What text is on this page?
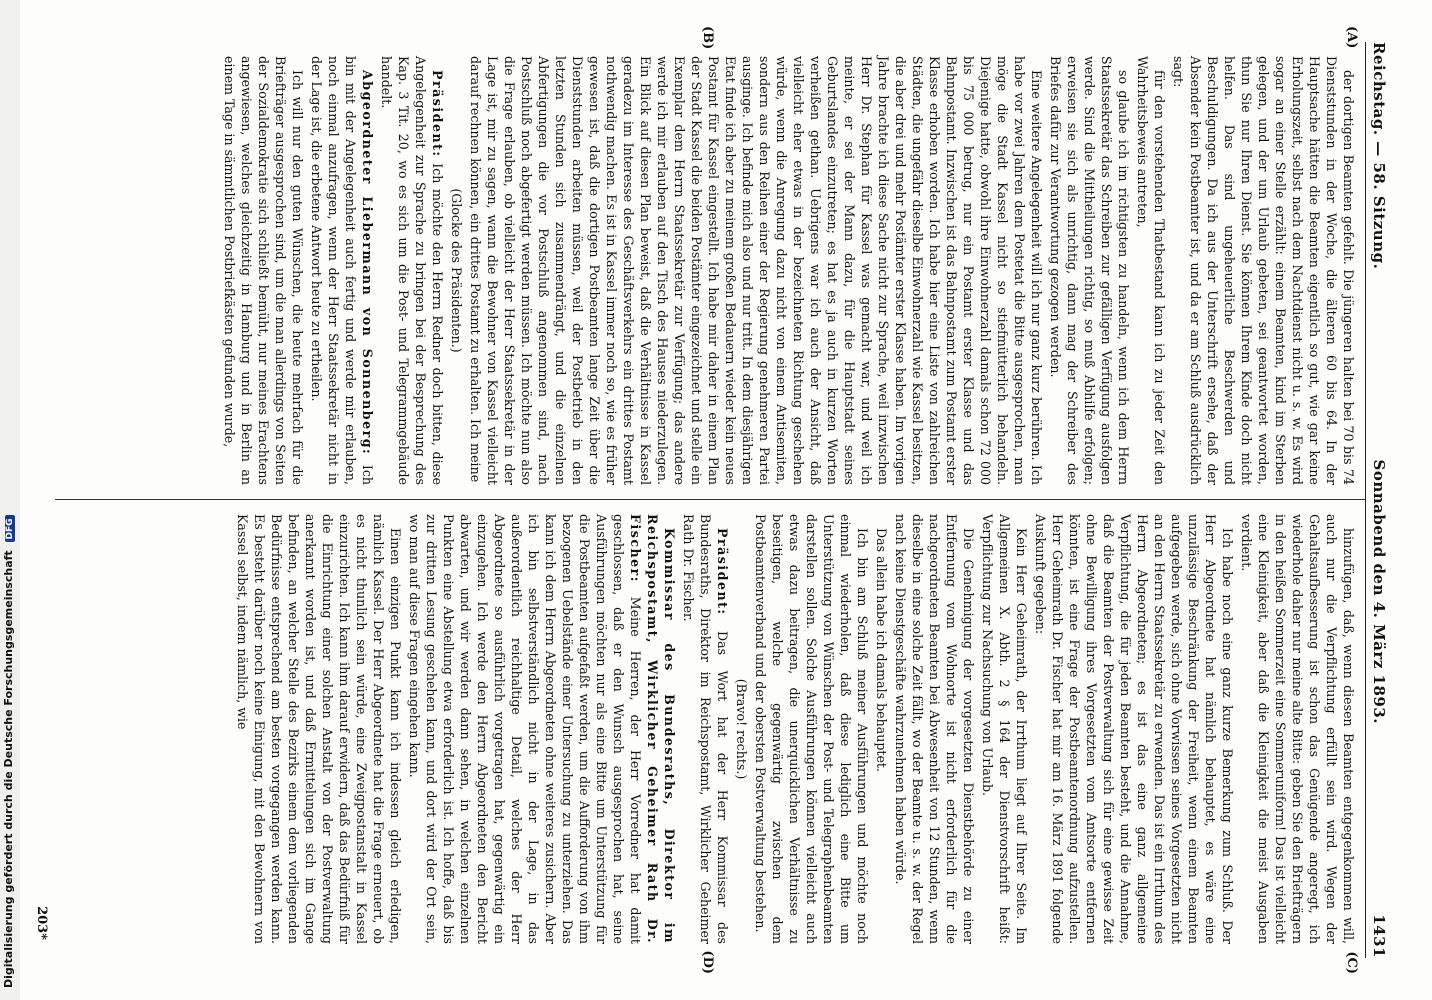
Digitalisierung gefördert durch die Deutsche Forschungsgemeinschaft DFG
Reichstag. — 58. Sitzung.
Sonnabend den 4. März 1893.
1431

der dortigen Beamten gefehlt. Die jüngeren halten bei 70 bis 74 Dienststunden in der Woche, die älteren 60 bis 64. In der Hauptsache hätten die Beamten eigentlich so gut, wie gar keine Erholungszeit, selbst nach dem Nachtdienst nicht u. s. w. Es wird sogar an einer Stelle erzählt: einem Beamten, kind im Sterben gelegen, und der um Urlaub gebeten, sei geantwortet worden, thun Sie nur Ihren Dienst. Sie können Ihrem Kinde doch nicht helfen. Das sind ungeheuerliche Beschwerden und Beschuldigungen. Da ich aus der Unterschrift ersehe, daß der Absender kein Postbeamter ist, und da er am Schluß ausdrücklich sagt:

für den vorstehenden Thatbestand kann ich zu jeder Zeit den Wahrheitsbeweis antreten,

so glaube ich im richtigsten zu handeln, wenn ich dem Herrn Staatssekretär das Schreiben zur gefälligen Verfügung ausfolgen werde. Sind die Mittheilungen richtig, so muß Abhilfe erfolgen; erweisen sie sich als unrichtig, dann mag der Schreiber des Briefes dafür zur Verantwortung gezogen werden.

Eine weitere Angelegenheit will ich nur ganz kurz berühren. Ich habe vor zwei Jahren dem Postetat die Bitte ausgesprochen, man möge die Stadt Kassel nicht so stiefmütterlich behandeln. Diejenige hatte, obwohl ihre Einwohnerzahl damals schon 72 000 bis 75 000 betrug, nur ein Postamt erster Klasse und das Bahnpostamt. Inzwischen ist das Bahnpostamt zum Postamt erster Klasse erhoben worden. Ich habe hier eine Liste von zahlreichen Städten, die ungefähr dieselbe Einwohnerzahl wie Kassel besitzen, die aber drei und mehr Postämter erster Klasse haben. Im vorigen Jahre brachte ich diese Sache nicht zur Sprache, weil inzwischen Herr Dr. Stephan für Kassel was gemacht war, und weil ich meinte, er sei der Mann dazu, für die Hauptstadt seines Geburtslandes einzutreten; es hat es ja auch in kurzen Worten verheißen gethan. Uebrigens war ich auch der Ansicht, daß vielleicht eher etwas in der bezeichneten Richtung geschehen würde, wenn die Anregung dazu nicht von einem Antisemiten, sondern aus den Reihen einer der Regierung genehmeren Partei ausginge. Ich befinde mich also und nur tritt. In dem diesjährigen Etat finde ich aber zu meinem großen Bedauern wieder kein neues Postamt für Kassel eingestellt. Ich habe mir daher in einem Plan der Stadt Kassel die beiden Postämter eingezeichnet und stelle ein Exemplar dem Herrn Staatssekretär zur Verfügung; das andere werde ich mir erlauben auf den Tisch des Hauses niederzulegen. Ein Blick auf diesen Plan beweist, daß die Verhältnisse in Kassel geradezu im Interesse des Geschäftsverkehrs ein drittes Postamt nothwendig machen. Es ist in Kassel immer noch so, wie es früher gewesen ist, daß die dortigen Postbeamten lange Zeit über die Dienststunden arbeiten müssen, weil der Postbetrieb in den letzten Stunden sich zusammendrängt, und die einzelnen Abfertigungen die vor Postschluß angenommen sind, nach Postschluß noch abgefertigt werden müssen. Ich möchte nun also die Frage erlauben, ob vielleicht der Herr Staatssekretär in der Lage ist, mir zu sagen, wann die Bewohner von Kassel vielleicht darauf rechnen können, ein drittes Postamt zu erhalten. Ich meine

(Glocke des Präsidenten.)

Präsident: Ich möchte den Herrn Redner doch bitten, diese Angelegenheit zur Sprache zu bringen bei der Besprechung des Kap. 3 Tit. 20, wo es sich um die Post- und Telegrammgebäude handelt.

Abgeordneter Liebermann von Sonnenberg: Ich bin mit der Angelegenheit auch fertig und werde mir erlauben, noch einmal anzufragen, wenn der Herr Staatssekretär nicht in der Lage ist, die erbetene Antwort heute zu ertheilen.

Ich will nur den guten Wünschen, die heute mehrfach für die Briefträger ausgesprochen sind, um die man allerdings von Seiten der Sozialdemokratie sich schließt bemüht, nur meines Erachtens angewiesen, welches gleichzeitig in Hamburg und in Berlin an einem Tage in sämmtlichen Postbriefkästen gefunden wurde,

hinzufügen, daß, wenn diesen Beamten entgegenkommen will, auch nur die Verpflichtung erfüllt sein wird. Wegen der Gehaltsaufbesserung ist schon das Genügende angeregt, ich wiederhole daher nur meine alte Bitte: geben Sie den Briefträgern in den heißen Sommerzeit eine Sommeruniform! Das ist vielleicht eine Kleinigkeit, aber daß die Kleinigkeit die meist Ausgaben verdient.

Ich habe noch eine ganz kurze Bemerkung zum Schluß. Der Herr Abgeordnete hat nämlich behauptet, es wäre eine unzulässige Beschränkung der Freiheit, wenn einem Beamten aufgegeben werde, sich ohne Vorwissen seines Vorgesetzten nicht an den Herrn Staatssekretär zu erwenden. Das ist ein Irrthum des Herrn Abgeordneten; es ist das eine ganz allgemeine Verpflichtung, die für jeden Beamten besteht, und die Annahme, daß die Beamten der Postverwaltung sich für eine gewisse Zeit ohne Bewilligung ihres Vorgesetzten vom Amtsorte entfernen könnten, ist eine Frage der Postbeamtenordnung aufzustellen. Herr Geheimrath Dr. Fischer hat mir am 16. März 1891 folgende Auskunft gegeben:

Kein Herr Geheimrath, der Irrthum liegt auf Ihrer Seite. Im Allgemeinen X. Abth. 2 § 164 der Dienstvorschrift heißt: Verpflichtung zur Nachsuchung von Urlaub.

Die Genehmigung der vorgesetzten Dienstbehörde zu einer Entfernung vom Wohnorte ist nicht erforderlich für die nachgeordneten Beamten bei Abwesenheit von 12 Stunden, wenn dieselbe in eine solche Zeit fällt, wo der Beamte u. s. w. der Regel nach keine Dienstgeschäfte wahrzunehmen haben würde.

Das allein habe ich damals behauptet.

Ich bin am Schluß meiner Ausführungen und möchte noch einmal wiederholen, daß diese lediglich eine Bitte um Unterstützung von Wünschen der Post- und Telegraphenbeamten darstellen sollen. Solche Ausführungen können vielleicht auch etwas dazu beitragen, die unerquicklichen Verhältnisse zu beseitigen, welche gegenwärtig zwischen dem Postbeamtenverband und der obersten Postverwaltung bestehen.

(Bravo! rechts.)

Präsident: Das Wort hat der Herr Kommissar des Bundesraths, Direktor im Reichspostamt, Wirklicher Geheimer Rath Dr. Fischer.

Kommissar des Bundesraths, Direktor im Reichspostamt, Wirklicher Geheimer Rath Dr. Fischer: Meine Herren, der Herr Vorredner hat damit geschlossen, daß er den Wunsch ausgesprochen hat, seine Ausführungen möchten nur als eine Bitte um Unterstützung für die Postbeamten aufgefaßt werden, um die Aufforderung von ihm bezogenen Uebelstände einer Untersuchung zu unterziehen. Das kann ich dem Herrn Abgeordneten ohne weiteres zusichern. Aber ich bin selbstverständlich nicht in der Lage, in das außerordentlich reichhaltige Detail, welches der Herr Abgeordnete so ausführlich vorgetragen hat, gegenwärtig ein einzugehen. Ich werde den Herrn Abgeordneten den Bericht abwarten, und wir werden dann sehen, in welchen einzelnen Punkten eine Abstellung etwa erforderlich ist. Ich hoffe, daß bis zur dritten Lesung geschehen kann, und dort wird der Ort sein, wo man auf diese Fragen eingehen kann.

Einen einzigen Punkt kann ich indessen gleich erledigen, nämlich Kassel. Der Herr Abgeordnete hat die Frage erneuert, ob es nicht thunlich sein würde, eine Zweigpostanstalt in Kassel einzurichten. Ich kann ihm darauf erwidern, daß das Bedürfniß für die Einrichtung einer solchen Anstalt von der Postverwaltung anerkannt worden ist, und daß Ermittelungen sich im Gange befinden, an welcher Stelle des Bezirks einem dem vorliegenden Bedürfnisse entsprechend am besten vorgegangen werden kann. Es besteht darüber noch keine Einigung, mit den Bewohnern von Kassel selbst, indem nämlich, wie

(A)
(B)
(C)
(D)
203*
